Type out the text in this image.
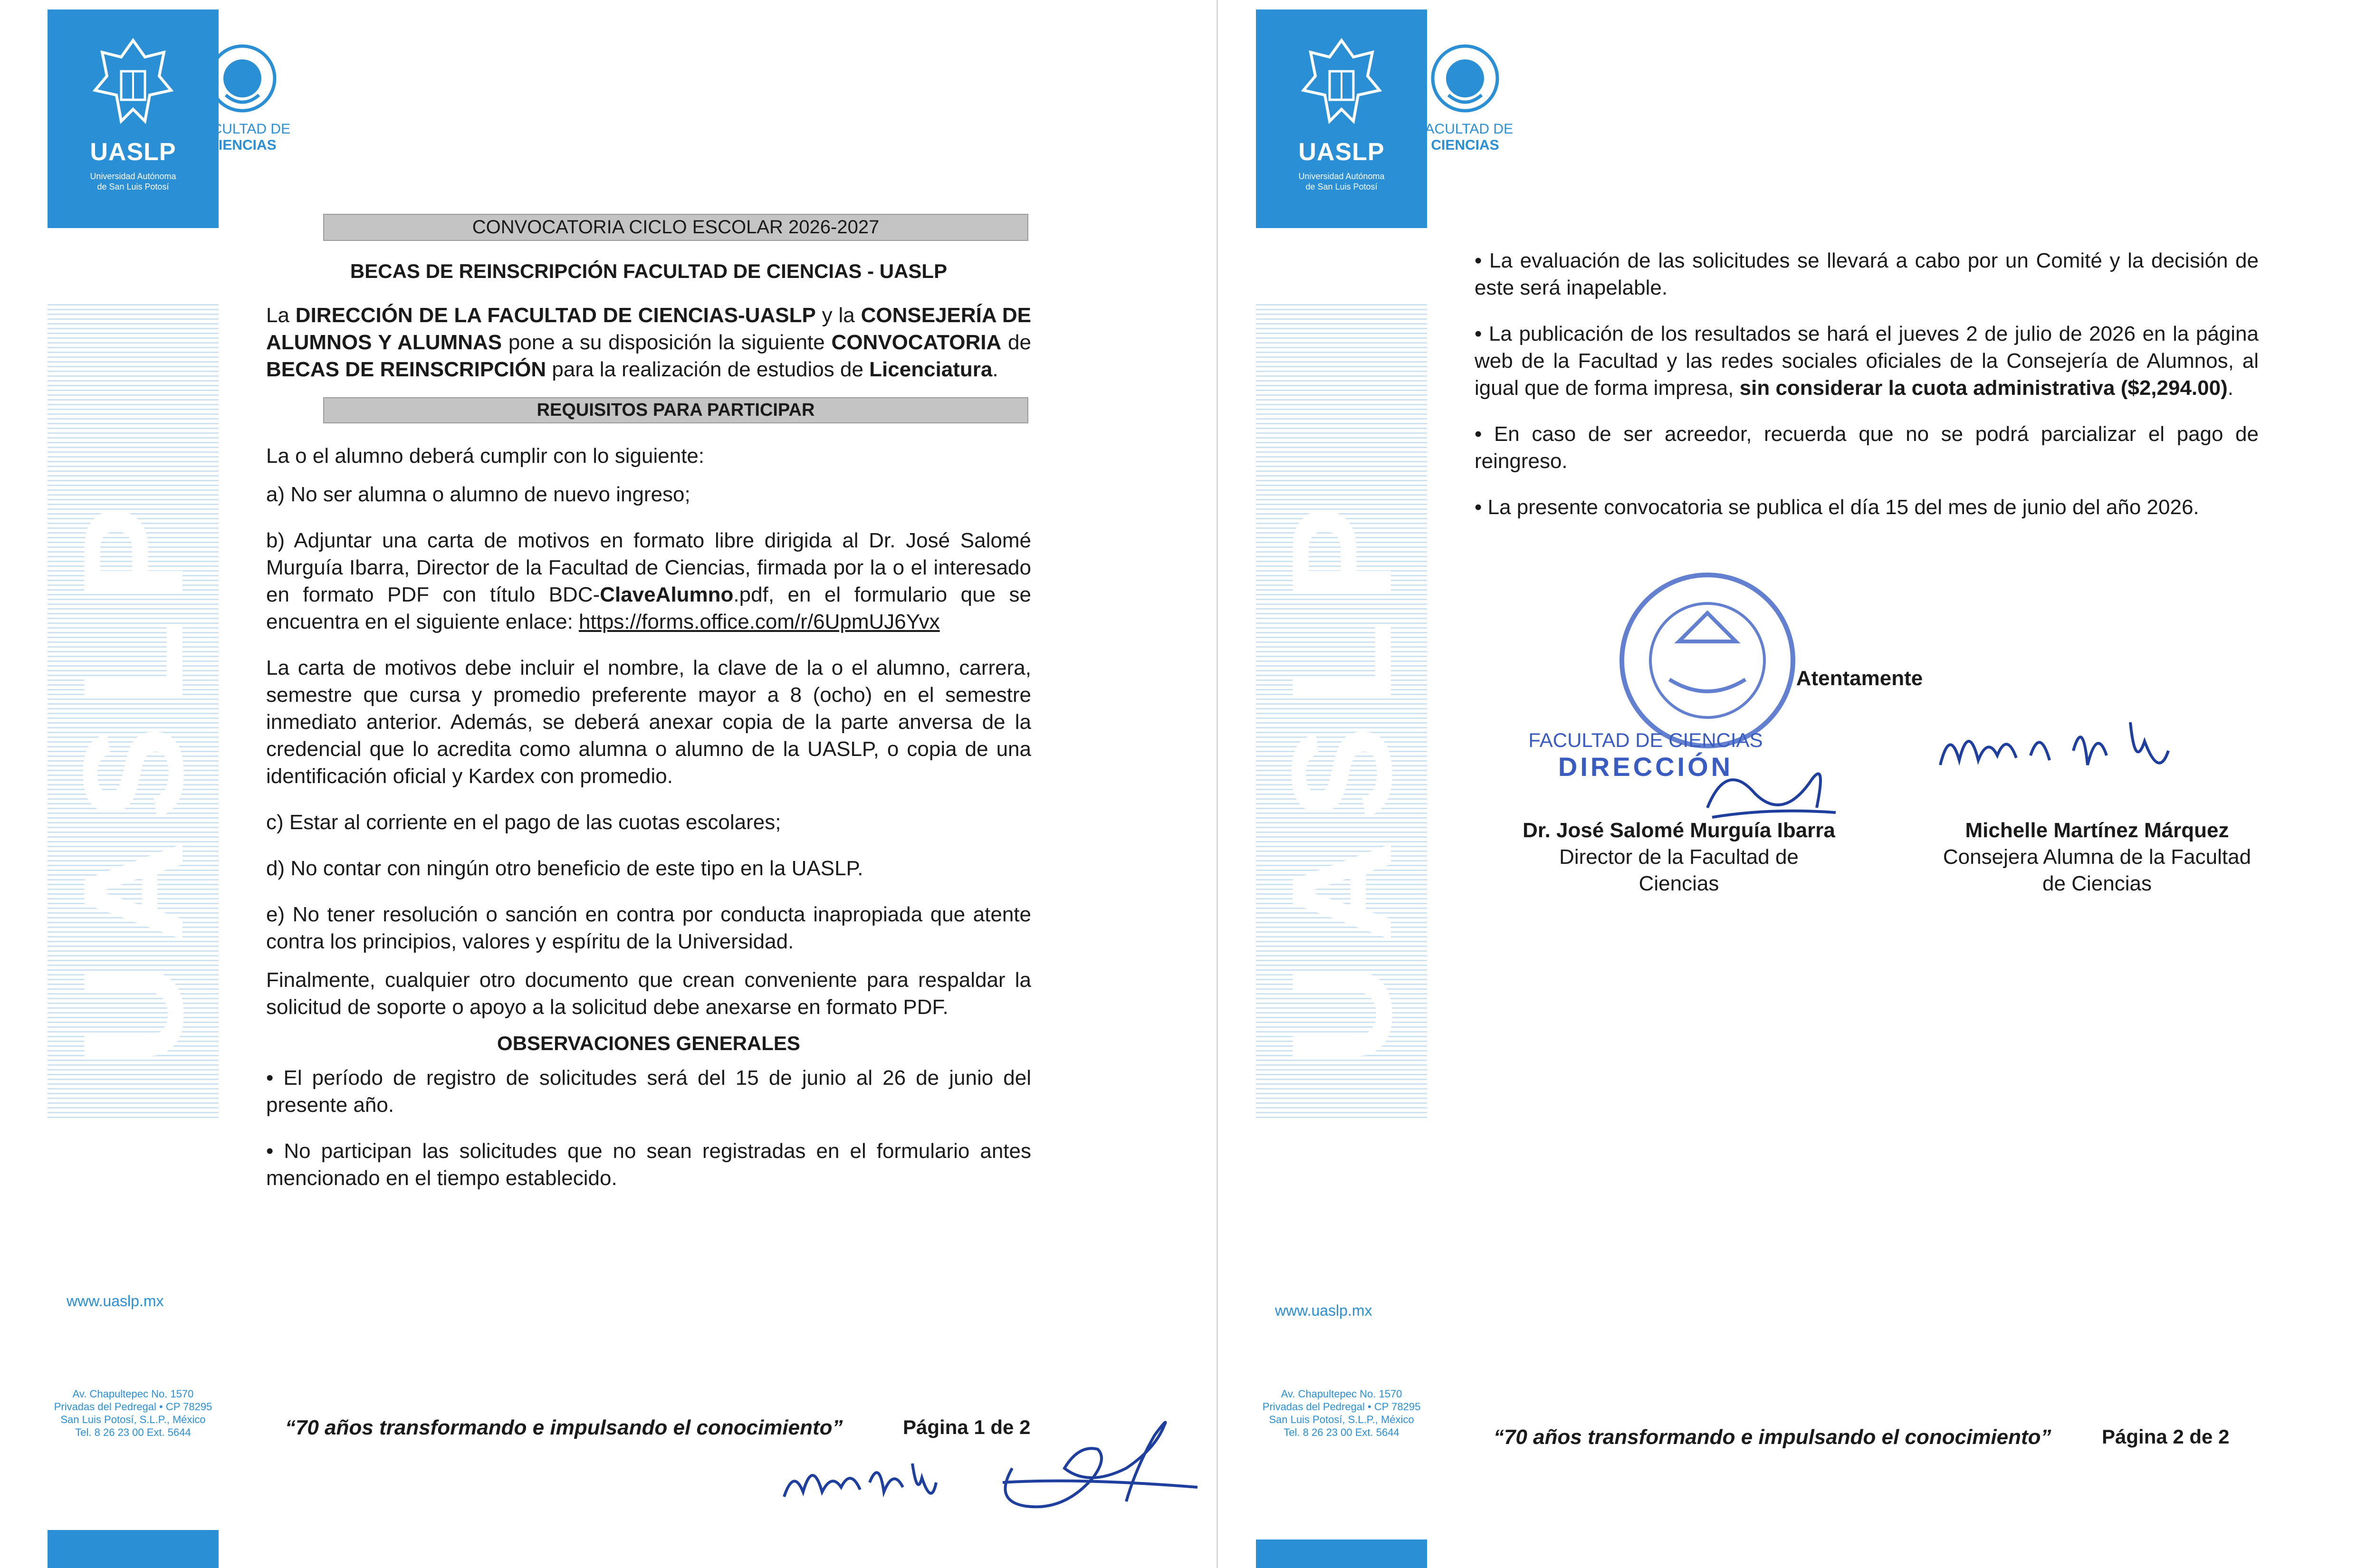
UASLP
Universidad Autónoma
de San Luis Potosí
UASLP
www.uaslp.mx
Av. Chapultepec No. 1570
Privadas del Pedregal • CP 78295
San Luis Potosí, S.L.P., México
Tel. 8 26 23 00 Ext. 5644
FACULTAD DE
CIENCIAS
CONVOCATORIA CICLO ESCOLAR 2026-2027
BECAS DE REINSCRIPCIÓN FACULTAD DE CIENCIAS - UASLP

La DIRECCIÓN DE LA FACULTAD DE CIENCIAS-UASLP y la CONSEJERÍA DE ALUMNOS Y ALUMNAS pone a su disposición la siguiente CONVOCATORIA de BECAS DE REINSCRIPCIÓN para la realización de estudios de Licenciatura.

REQUISITOS PARA PARTICIPAR

La o el alumno deberá cumplir con lo siguiente:

a) No ser alumna o alumno de nuevo ingreso;

b) Adjuntar una carta de motivos en formato libre dirigida al Dr. José Salomé Murguía Ibarra, Director de la Facultad de Ciencias, firmada por la o el interesado en formato PDF con título BDC-ClaveAlumno.pdf, en el formulario que se encuentra en el siguiente enlace: https://forms.office.com/r/6UpmUJ6Yvx

La carta de motivos debe incluir el nombre, la clave de la o el alumno, carrera, semestre que cursa y promedio preferente mayor a 8 (ocho) en el semestre inmediato anterior. Además, se deberá anexar copia de la parte anversa de la credencial que lo acredita como alumna o alumno de la UASLP, o copia de una identificación oficial y Kardex con promedio.

c) Estar al corriente en el pago de las cuotas escolares;

d) No contar con ningún otro beneficio de este tipo en la UASLP.

e) No tener resolución o sanción en contra por conducta inapropiada que atente contra los principios, valores y espíritu de la Universidad.

Finalmente, cualquier otro documento que crean conveniente para respaldar la solicitud de soporte o apoyo a la solicitud debe anexarse en formato PDF.

OBSERVACIONES GENERALES

• El período de registro de solicitudes será del 15 de junio al 26 de junio del presente año.

• No participan las solicitudes que no sean registradas en el formulario antes mencionado en el tiempo establecido.

“70 años transformando e impulsando el conocimiento”	Página 1 de 2
UASLP
Universidad Autónoma
de San Luis Potosí
UASLP
www.uaslp.mx
Av. Chapultepec No. 1570
Privadas del Pedregal • CP 78295
San Luis Potosí, S.L.P., México
Tel. 8 26 23 00 Ext. 5644
FACULTAD DE
CIENCIAS

• La evaluación de las solicitudes se llevará a cabo por un Comité y la decisión de este será inapelable.

• La publicación de los resultados se hará el jueves 2 de julio de 2026 en la página web de la Facultad y las redes sociales oficiales de la Consejería de Alumnos, al igual que de forma impresa, sin considerar la cuota administrativa ($2,294.00).

• En caso de ser acreedor, recuerda que no se podrá parcializar el pago de reingreso.

• La presente convocatoria se publica el día 15 del mes de junio del año 2026.

FACULTAD DE CIENCIAS
DIRECCIÓN
Atentamente
Dr. José Salomé Murguía Ibarra
Director de la Facultad de
Ciencias
Michelle Martínez Márquez
Consejera Alumna de la Facultad
de Ciencias
“70 años transformando e impulsando el conocimiento”	Página 2 de 2
